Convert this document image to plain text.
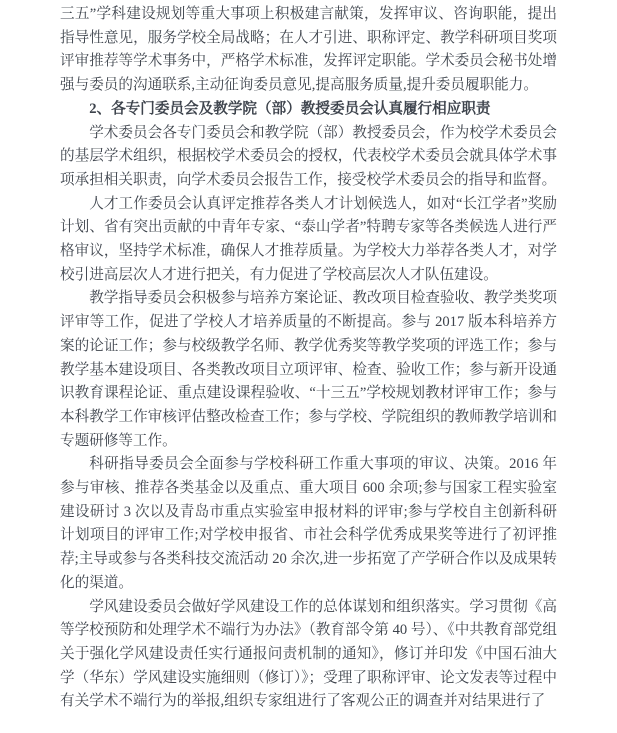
三五”学科建设规划等重大事项上积极建言献策，发挥审议、咨询职能，提出指导性意见，服务学校全局战略；在人才引进、职称评定、教学科研项目奖项评审推荐等学术事务中，严格学术标准，发挥评定职能。学术委员会秘书处增强与委员的沟通联系,主动征询委员意见,提高服务质量,提升委员履职能力。

2、各专门委员会及教学院（部）教授委员会认真履行相应职责

学术委员会各专门委员会和教学院（部）教授委员会，作为校学术委员会的基层学术组织，根据校学术委员会的授权，代表校学术委员会就具体学术事项承担相关职责，向学术委员会报告工作，接受校学术委员会的指导和监督。

人才工作委员会认真评定推荐各类人才计划候选人，如对“长江学者”奖励计划、省有突出贡献的中青年专家、“泰山学者”特聘专家等各类候选人进行严格审议，坚持学术标准，确保人才推荐质量。为学校大力举荐各类人才，对学校引进高层次人才进行把关，有力促进了学校高层次人才队伍建设。

教学指导委员会积极参与培养方案论证、教改项目检查验收、教学类奖项评审等工作，促进了学校人才培养质量的不断提高。参与 2017 版本科培养方案的论证工作；参与校级教学名师、教学优秀奖等教学奖项的评选工作；参与教学基本建设项目、各类教改项目立项评审、检查、验收工作；参与新开设通识教育课程论证、重点建设课程验收、“十三五”学校规划教材评审工作；参与本科教学工作审核评估整改检查工作；参与学校、学院组织的教师教学培训和专题研修等工作。

科研指导委员会全面参与学校科研工作重大事项的审议、决策。2016 年参与审核、推荐各类基金以及重点、重大项目 600 余项;参与国家工程实验室建设研讨 3 次以及青岛市重点实验室申报材料的评审;参与学校自主创新科研计划项目的评审工作;对学校申报省、市社会科学优秀成果奖等进行了初评推荐;主导或参与各类科技交流活动 20 余次,进一步拓宽了产学研合作以及成果转化的渠道。

学风建设委员会做好学风建设工作的总体谋划和组织落实。学习贯彻《高等学校预防和处理学术不端行为办法》（教育部令第 40 号）、《中共教育部党组关于强化学风建设责任实行通报问责机制的通知》，修订并印发《中国石油大学（华东）学风建设实施细则（修订）》；受理了职称评审、论文发表等过程中有关学术不端行为的举报,组织专家组进行了客观公正的调查并对结果进行了
